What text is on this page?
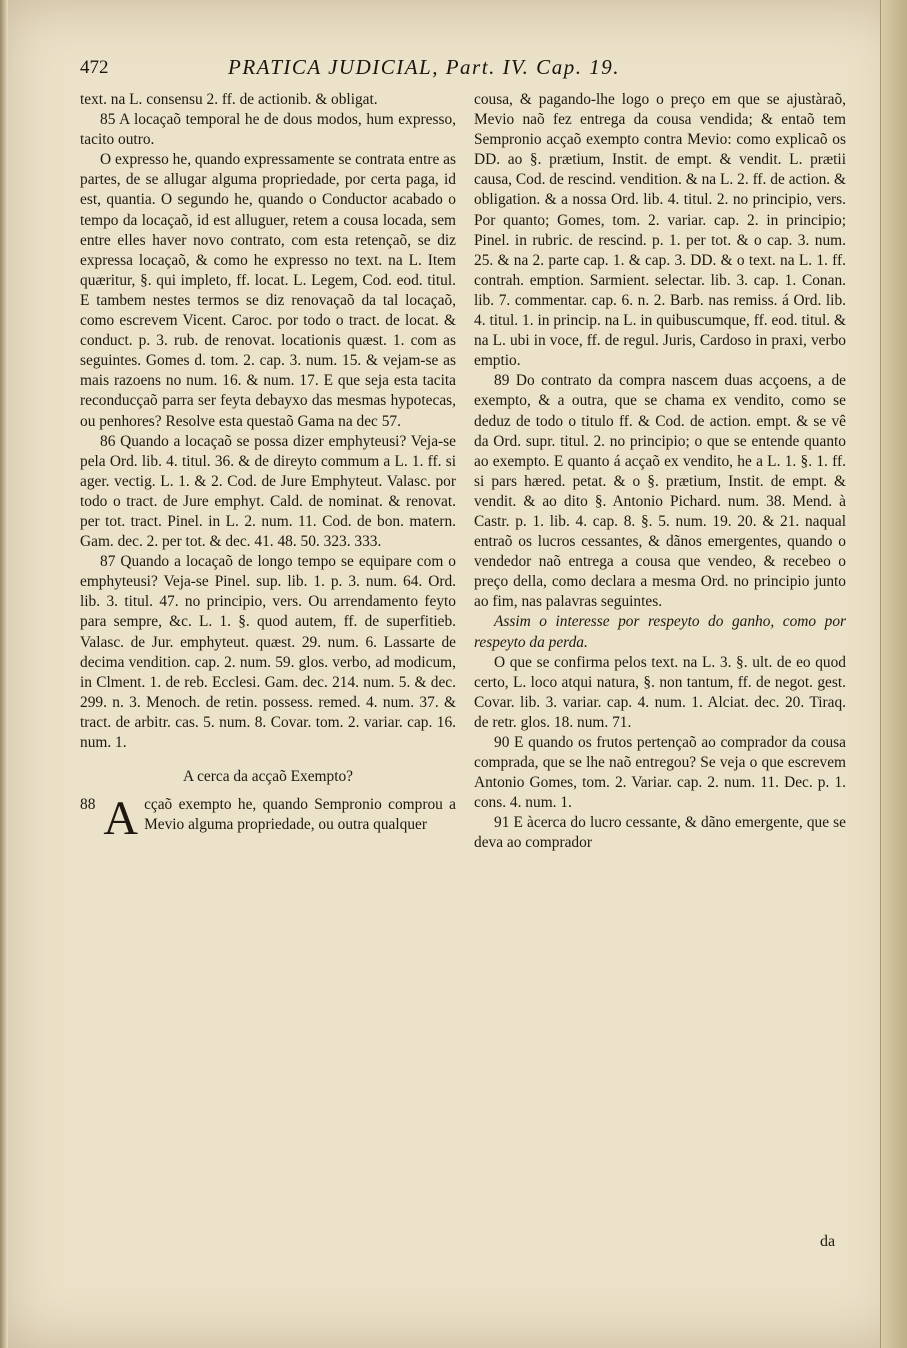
472	PRATICA JUDICIAL, Part. IV. Cap. 19.

text. na L. consensu 2. ff. de actionib. & obligat.

85 A locaçaõ temporal he de dous modos, hum expresso, tacito outro.

O expresso he, quando expressamente se contrata entre as partes, de se allugar alguma propriedade, por certa paga, id est, quantia. O segundo he, quando o Conductor acabado o tempo da locaçaõ, id est alluguer, retem a cousa locada, sem entre elles haver novo contrato, com esta retençaõ, se diz expressa locaçaõ, & como he expresso no text. na L. Item quæritur, §. qui impleto, ff. locat. L. Legem, Cod. eod. titul. E tambem nestes termos se diz renovaçaõ da tal locaçaõ, como escrevem Vicent. Caroc. por todo o tract. de locat. & conduct. p. 3. rub. de renovat. locationis quæst. 1. com as seguintes. Gomes d. tom. 2. cap. 3. num. 15. & vejam-se as mais razoens no num. 16. & num. 17. E que seja esta tacita reconducçaõ parra ser feyta debayxo das mesmas hypotecas, ou penhores? Resolve esta questaõ Gama na dec 57.

86 Quando a locaçaõ se possa dizer emphyteusi? Veja-se pela Ord. lib. 4. titul. 36. & de direyto commum a L. 1. ff. si ager. vectig. L. 1. & 2. Cod. de Jure Emphyteut. Valasc. por todo o tract. de Jure emphyt. Cald. de nominat. & renovat. per tot. tract. Pinel. in L. 2. num. 11. Cod. de bon. matern. Gam. dec. 2. per tot. & dec. 41. 48. 50. 323. 333.

87 Quando a locaçaõ de longo tempo se equipare com o emphyteusi? Veja-se Pinel. sup. lib. 1. p. 3. num. 64. Ord. lib. 3. titul. 47. no principio, vers. Ou arrendamento feyto para sempre, &c. L. 1. §. quod autem, ff. de superfitieb. Valasc. de Jur. emphyteut. quæst. 29. num. 6. Lassarte de decima vendition. cap. 2. num. 59. glos. verbo, ad modicum, in Clment. 1. de reb. Ecclesi. Gam. dec. 214. num. 5. & dec. 299. n. 3. Menoch. de retin. possess. remed. 4. num. 37. & tract. de arbitr. cas. 5. num. 8. Covar. tom. 2. variar. cap. 16. num. 1.

A cerca da acçaõ Exempto?

88 A cçaõ exempto he, quando Sempronio comprou a Mevio alguma propriedade, ou outra qualquer

cousa, & pagando-lhe logo o preço em que se ajustàraõ, Mevio naõ fez entrega da cousa vendida; & entaõ tem Sempronio acçaõ exempto contra Mevio: como explicaõ os DD. ao §. prætium, Instit. de empt. & vendit. L. prætii causa, Cod. de rescind. vendition. & na L. 2. ff. de action. & obligation. & a nossa Ord. lib. 4. titul. 2. no principio, vers. Por quanto; Gomes, tom. 2. variar. cap. 2. in principio; Pinel. in rubric. de rescind. p. 1. per tot. & o cap. 3. num. 25. & na 2. parte cap. 1. & cap. 3. DD. & o text. na L. 1. ff. contrah. emption. Sarmient. selectar. lib. 3. cap. 1. Conan. lib. 7. commentar. cap. 6. n. 2. Barb. nas remiss. á Ord. lib. 4. titul. 1. in princip. na L. in quibuscumque, ff. eod. titul. & na L. ubi in voce, ff. de regul. Juris, Cardoso in praxi, verbo emptio.

89 Do contrato da compra nascem duas acçoens, a de exempto, & a outra, que se chama ex vendito, como se deduz de todo o titulo ff. & Cod. de action. empt. & se vê da Ord. supr. titul. 2. no principio; o que se entende quanto ao exempto. E quanto á acçaõ ex vendito, he a L. 1. §. 1. ff. si pars hæred. petat. & o §. prætium, Instit. de empt. & vendit. & ao dito §. Antonio Pichard. num. 38. Mend. à Castr. p. 1. lib. 4. cap. 8. §. 5. num. 19. 20. & 21. naqual entraõ os lucros cessantes, & dãnos emergentes, quando o vendedor naõ entrega a cousa que vendeo, & recebeo o preço della, como declara a mesma Ord. no principio junto ao fim, nas palavras seguintes.

Assim o interesse por respeyto do ganho, como por respeyto da perda.

O que se confirma pelos text. na L. 3. §. ult. de eo quod certo, L. loco atqui natura, §. non tantum, ff. de negot. gest. Covar. lib. 3. variar. cap. 4. num. 1. Alciat. dec. 20. Tiraq. de retr. glos. 18. num. 71.

90 E quando os frutos pertençaõ ao comprador da cousa comprada, que se lhe naõ entregou? Se veja o que escrevem Antonio Gomes, tom. 2. Variar. cap. 2. num. 11. Dec. p. 1. cons. 4. num. 1.

91 E àcerca do lucro cessante, & dãno emergente, que se deva ao comprador

da
